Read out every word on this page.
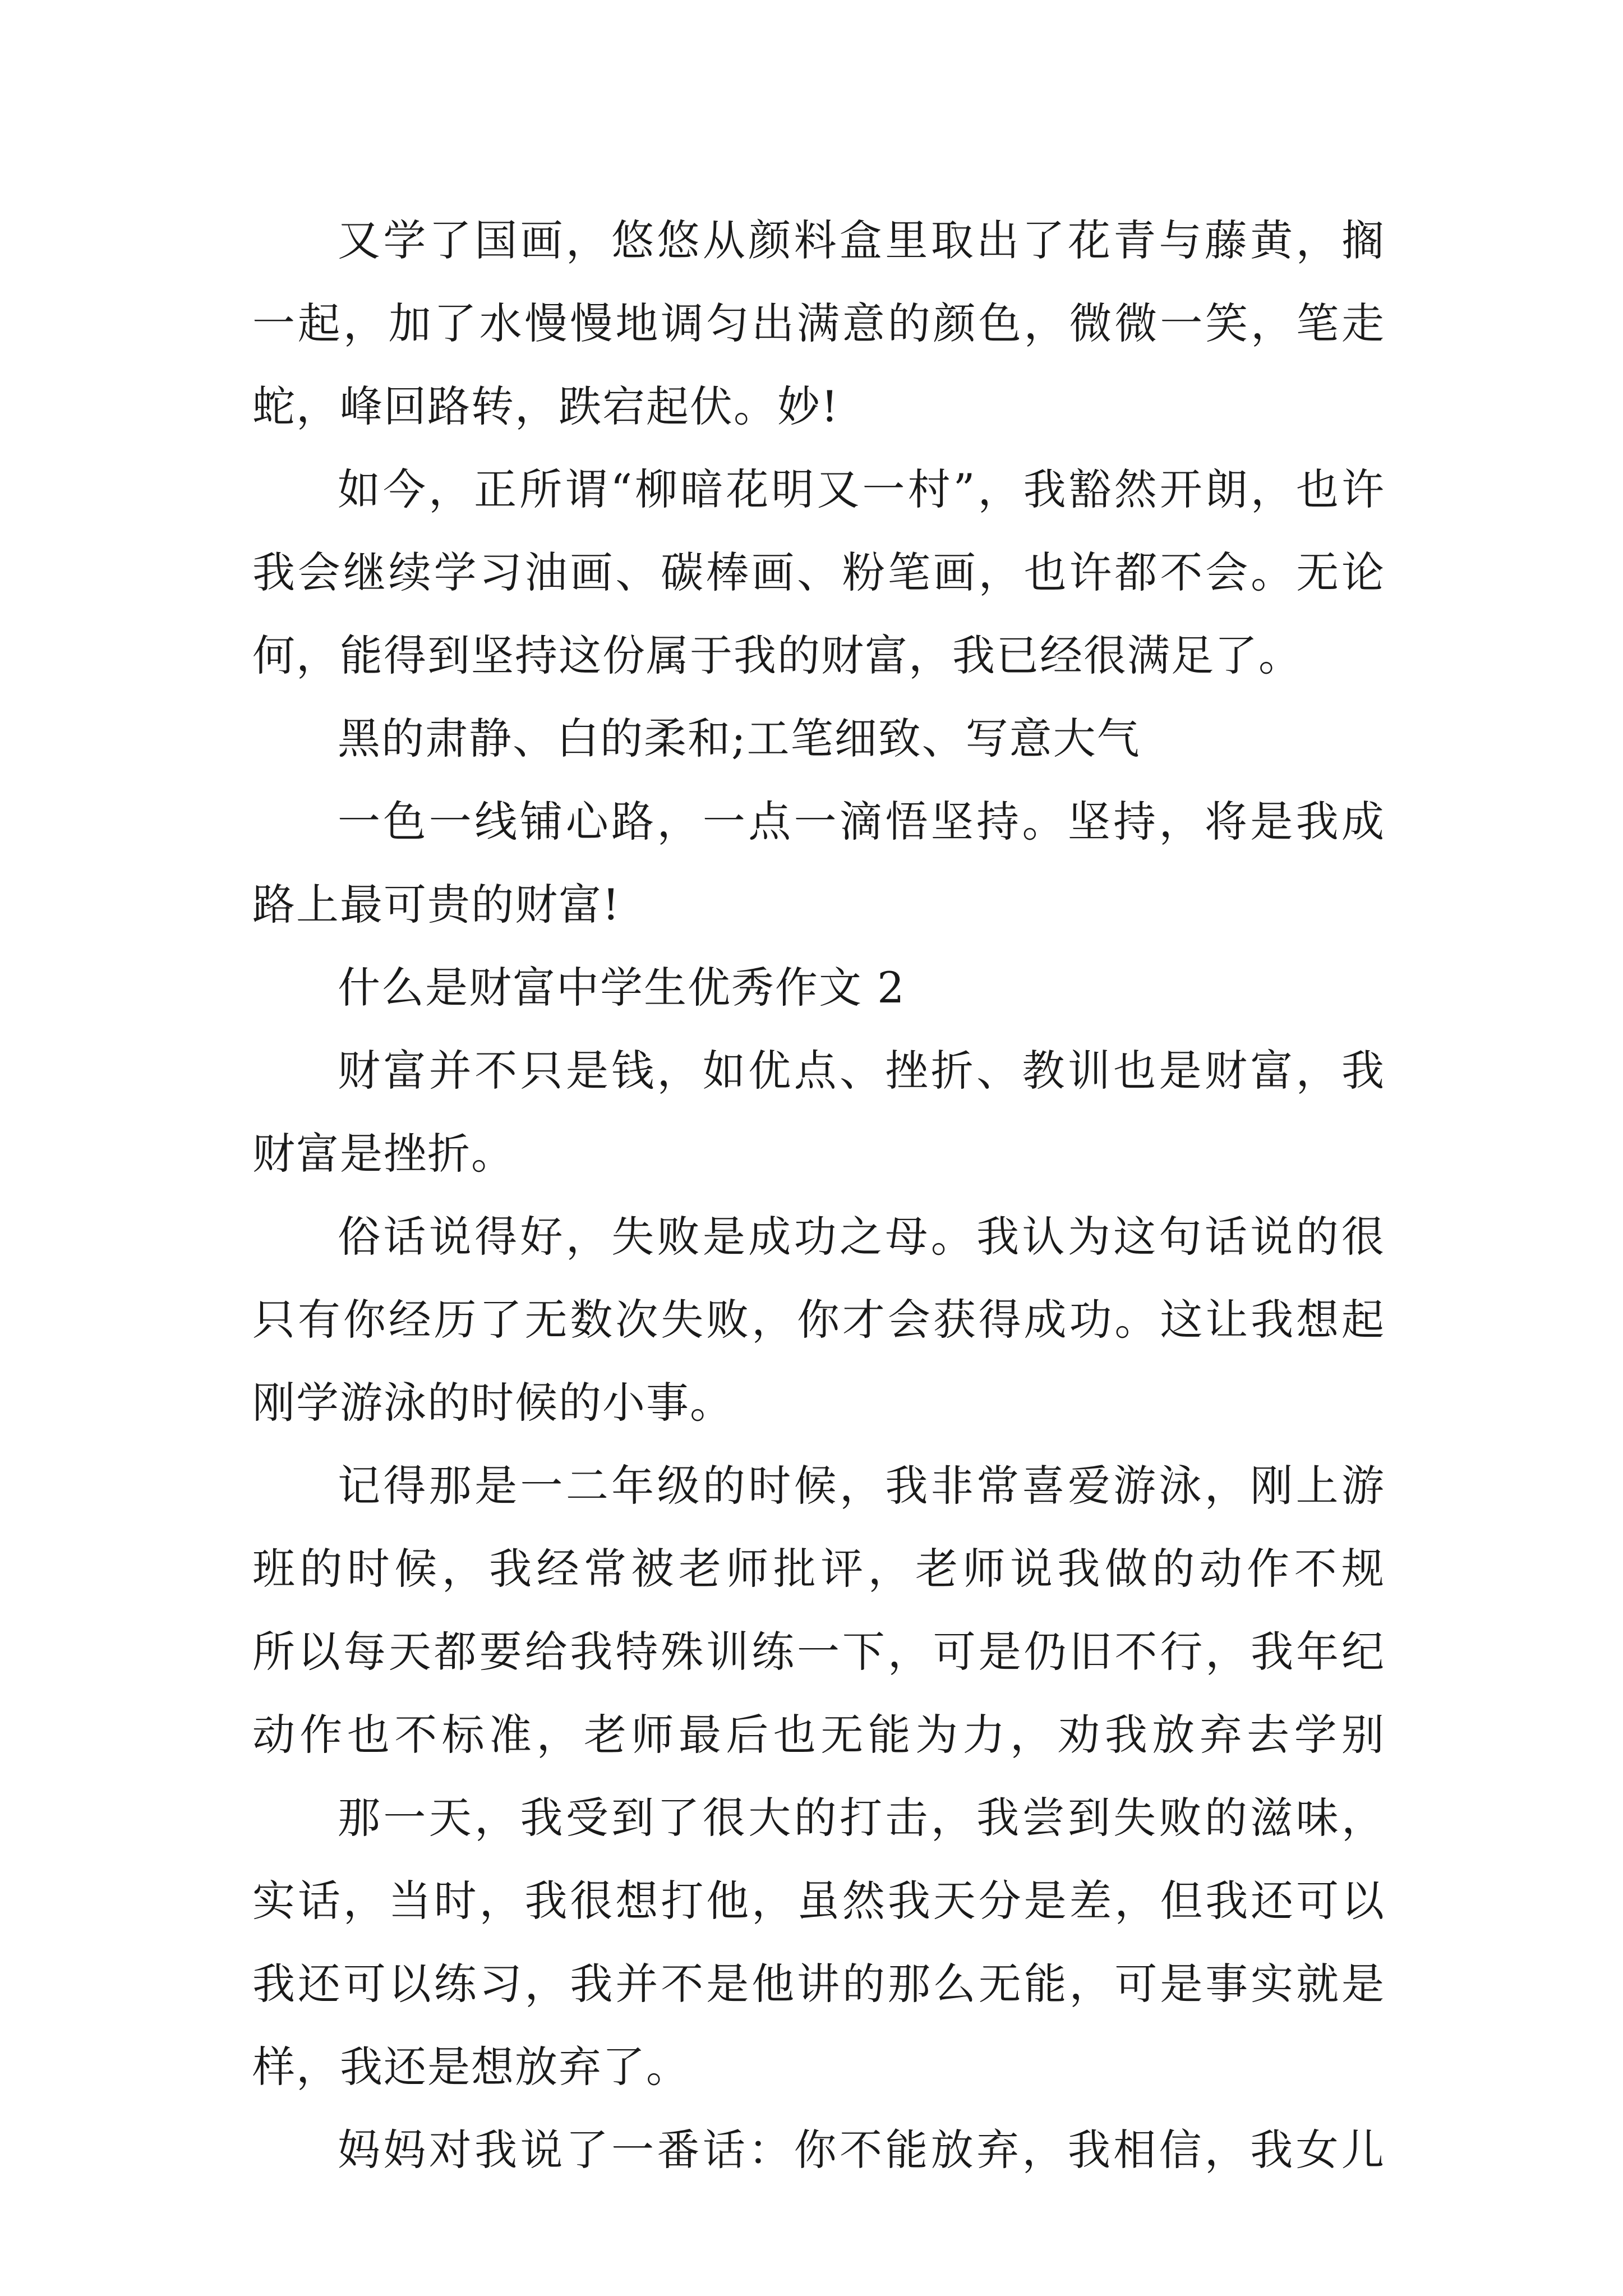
又学了国画，悠悠从颜料盒里取出了花青与藤黄，搁
一起，加了水慢慢地调匀出满意的颜色，微微一笑，笔走
蛇，峰回路转，跌宕起伏。妙!
如今，正所谓“柳暗花明又一村”，我豁然开朗，也许
我会继续学习油画、碳棒画、粉笔画，也许都不会。无论
何，能得到坚持这份属于我的财富，我已经很满足了。
黑的肃静、白的柔和;工笔细致、写意大气
一色一线铺心路，一点一滴悟坚持。坚持，将是我成
路上最可贵的财富!
什么是财富中学生优秀作文 2
财富并不只是钱，如优点、挫折、教训也是财富，我
财富是挫折。
俗话说得好，失败是成功之母。我认为这句话说的很
只有你经历了无数次失败，你才会获得成功。这让我想起
刚学游泳的时候的小事。
记得那是一二年级的时候，我非常喜爱游泳，刚上游
班的时候，我经常被老师批评，老师说我做的动作不规
所以每天都要给我特殊训练一下，可是仍旧不行，我年纪
动作也不标准，老师最后也无能为力，劝我放弃去学别
那一天，我受到了很大的打击，我尝到失败的滋味，
实话，当时，我很想打他，虽然我天分是差，但我还可以
我还可以练习，我并不是他讲的那么无能，可是事实就是
样，我还是想放弃了。
妈妈对我说了一番话：你不能放弃，我相信，我女儿
